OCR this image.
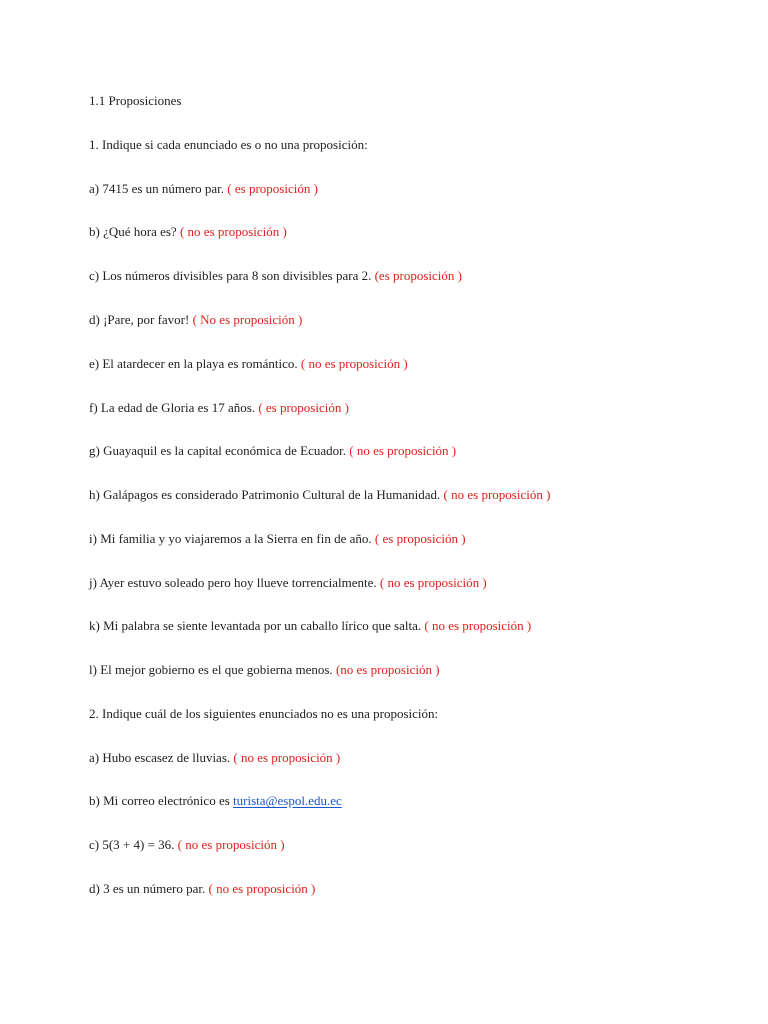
1.1 Proposiciones
1. Indique si cada enunciado es o no una proposición:
a) 7415 es un número par. ( es proposición )
b) ¿Qué hora es? ( no es proposición )
c) Los números divisibles para 8 son divisibles para 2. (es proposición )
d) ¡Pare, por favor! ( No es proposición )
e) El atardecer en la playa es romántico. ( no es proposición )
f) La edad de Gloria es 17 años. ( es proposición )
g) Guayaquil es la capital económica de Ecuador. ( no es proposición )
h) Galápagos es considerado Patrimonio Cultural de la Humanidad. ( no es proposición )
i) Mi familia y yo viajaremos a la Sierra en fin de año. ( es proposición )
j) Ayer estuvo soleado pero hoy llueve torrencialmente. ( no es proposición )
k) Mi palabra se siente levantada por un caballo lírico que salta. ( no es proposición )
l) El mejor gobierno es el que gobierna menos. (no es proposición )
2. Indique cuál de los siguientes enunciados no es una proposición:
a) Hubo escasez de lluvias. ( no es proposición )
b) Mi correo electrónico es turista@espol.edu.ec
c) 5(3 + 4) = 36. ( no es proposición )
d) 3 es un número par. ( no es proposición )
